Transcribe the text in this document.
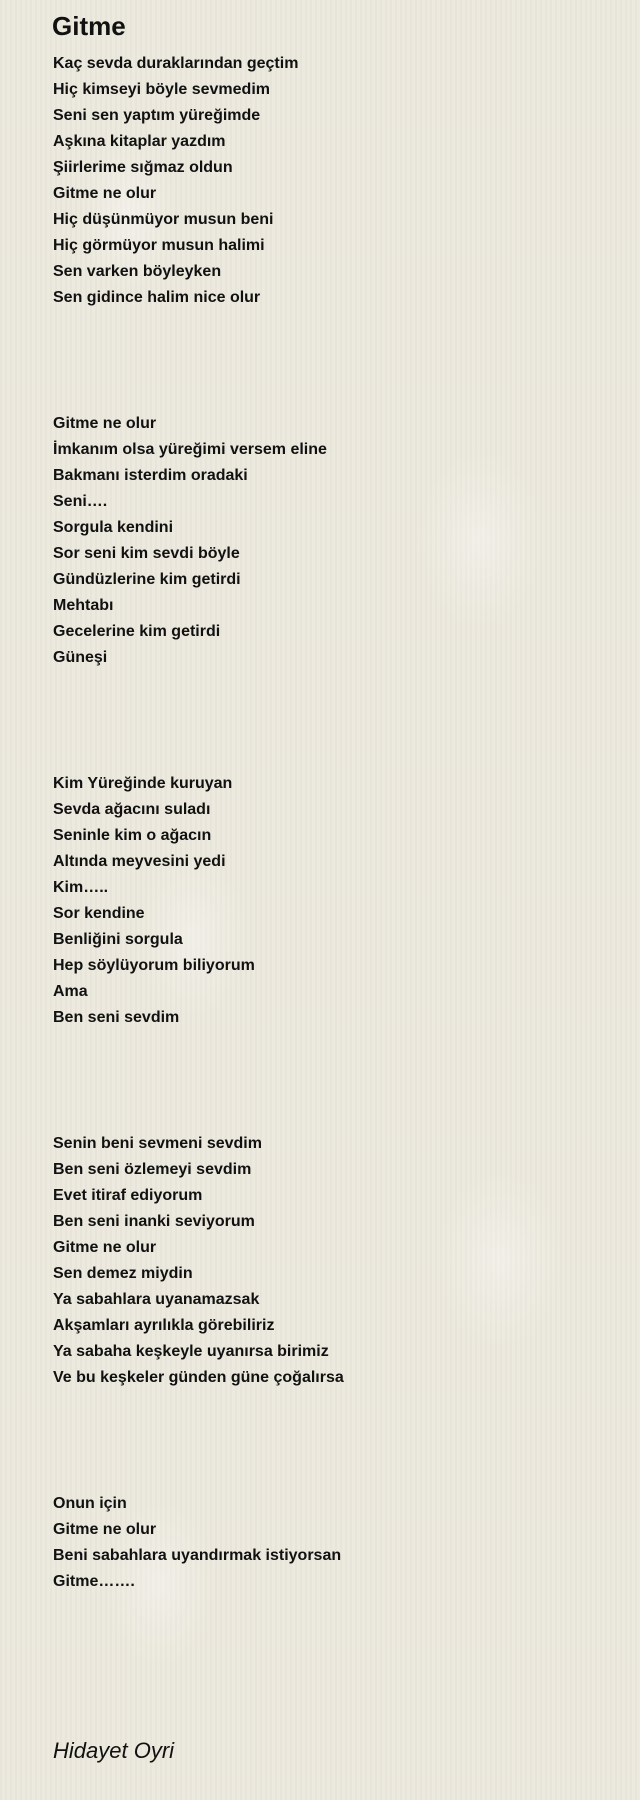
Gitme
Kaç sevda duraklarından geçtim
Hiç kimseyi böyle sevmedim
Seni sen yaptım yüreğimde
Aşkına kitaplar yazdım
Şiirlerime sığmaz oldun
Gitme ne olur
Hiç düşünmüyor musun beni
Hiç görmüyor musun halimi
Sen varken böyleyken
Sen gidince halim nice olur
Gitme ne olur
İmkanım olsa yüreğimi versem eline
Bakmanı isterdim oradaki
Seni….
Sorgula kendini
Sor seni kim sevdi böyle
Gündüzlerine kim getirdi
Mehtabı
Gecelerine kim getirdi
Güneşi
Kim Yüreğinde kuruyan
Sevda ağacını suladı
Seninle kim o ağacın
Altında meyvesini yedi
Kim…..
Sor kendine
Benliğini sorgula
Hep söylüyorum biliyorum
Ama
Ben seni sevdim
Senin beni sevmeni sevdim
Ben seni özlemeyi sevdim
Evet itiraf ediyorum
Ben seni inanki seviyorum
Gitme ne olur
Sen demez miydin
Ya sabahlara uyanamazsak
Akşamları ayrılıkla görebiliriz
Ya sabaha keşkeyle uyanırsa birimiz
Ve bu keşkeler günden güne çoğalırsa
Onun için
Gitme ne olur
Beni sabahlara uyandırmak istiyorsan
Gitme…….
Hidayet Oyri
